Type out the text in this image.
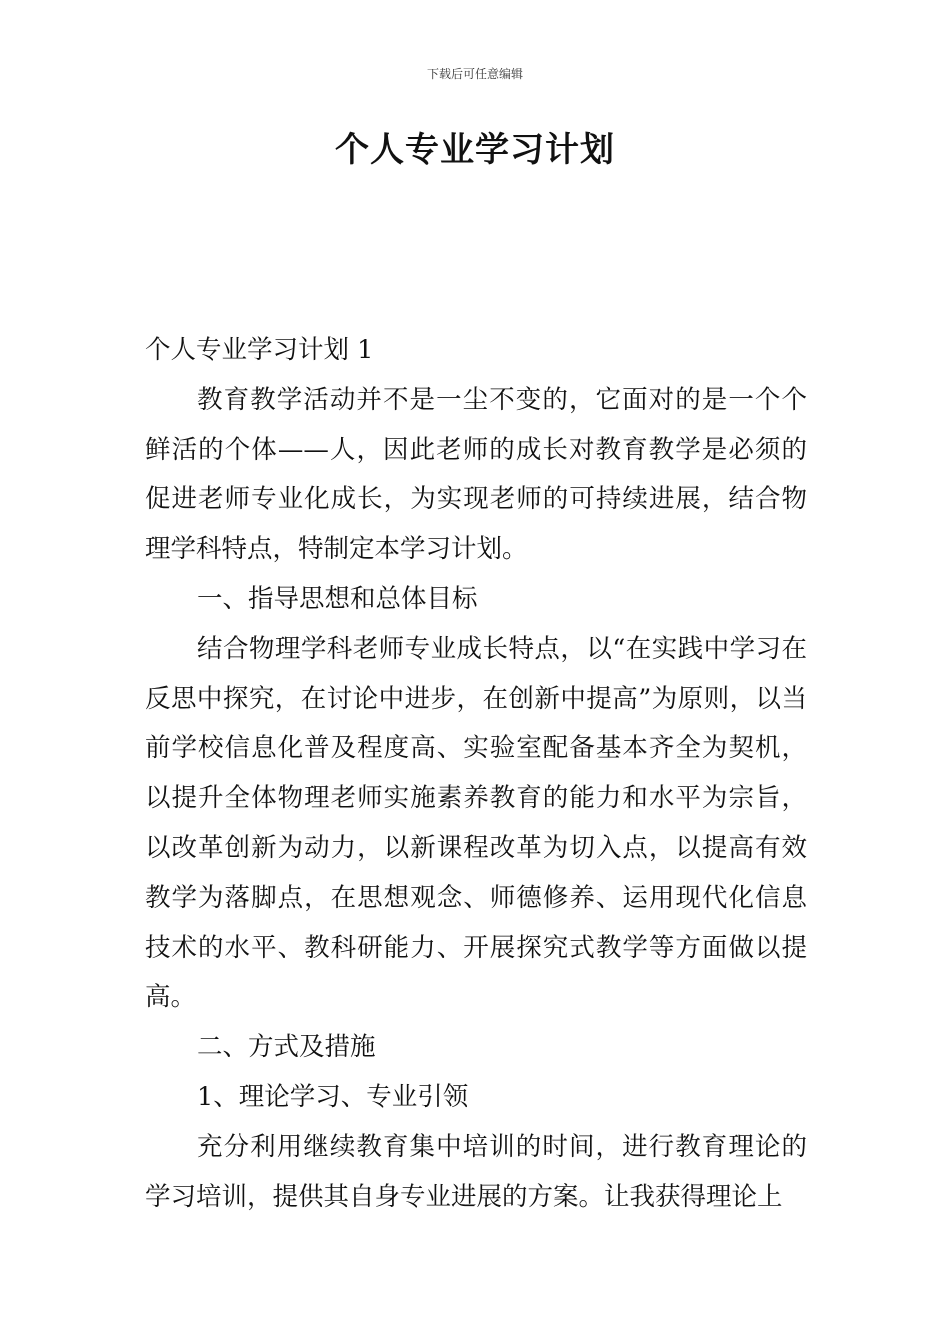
下载后可任意编辑
个人专业学习计划

个人专业学习计划 1

教育教学活动并不是一尘不变的，它面对的是一个个鲜活的个体——人，因此老师的成长对教育教学是必须的促进老师专业化成长，为实现老师的可持续进展，结合物理学科特点，特制定本学习计划。

一、指导思想和总体目标

结合物理学科老师专业成长特点，以“在实践中学习在反思中探究，在讨论中进步，在创新中提高”为原则，以当前学校信息化普及程度高、实验室配备基本齐全为契机，以提升全体物理老师实施素养教育的能力和水平为宗旨，以改革创新为动力，以新课程改革为切入点，以提高有效教学为落脚点，在思想观念、师德修养、运用现代化信息技术的水平、教科研能力、开展探究式教学等方面做以提高。

二、方式及措施

1、理论学习、专业引领

充分利用继续教育集中培训的时间，进行教育理论的学习培训，提供其自身专业进展的方案。让我获得理论上
